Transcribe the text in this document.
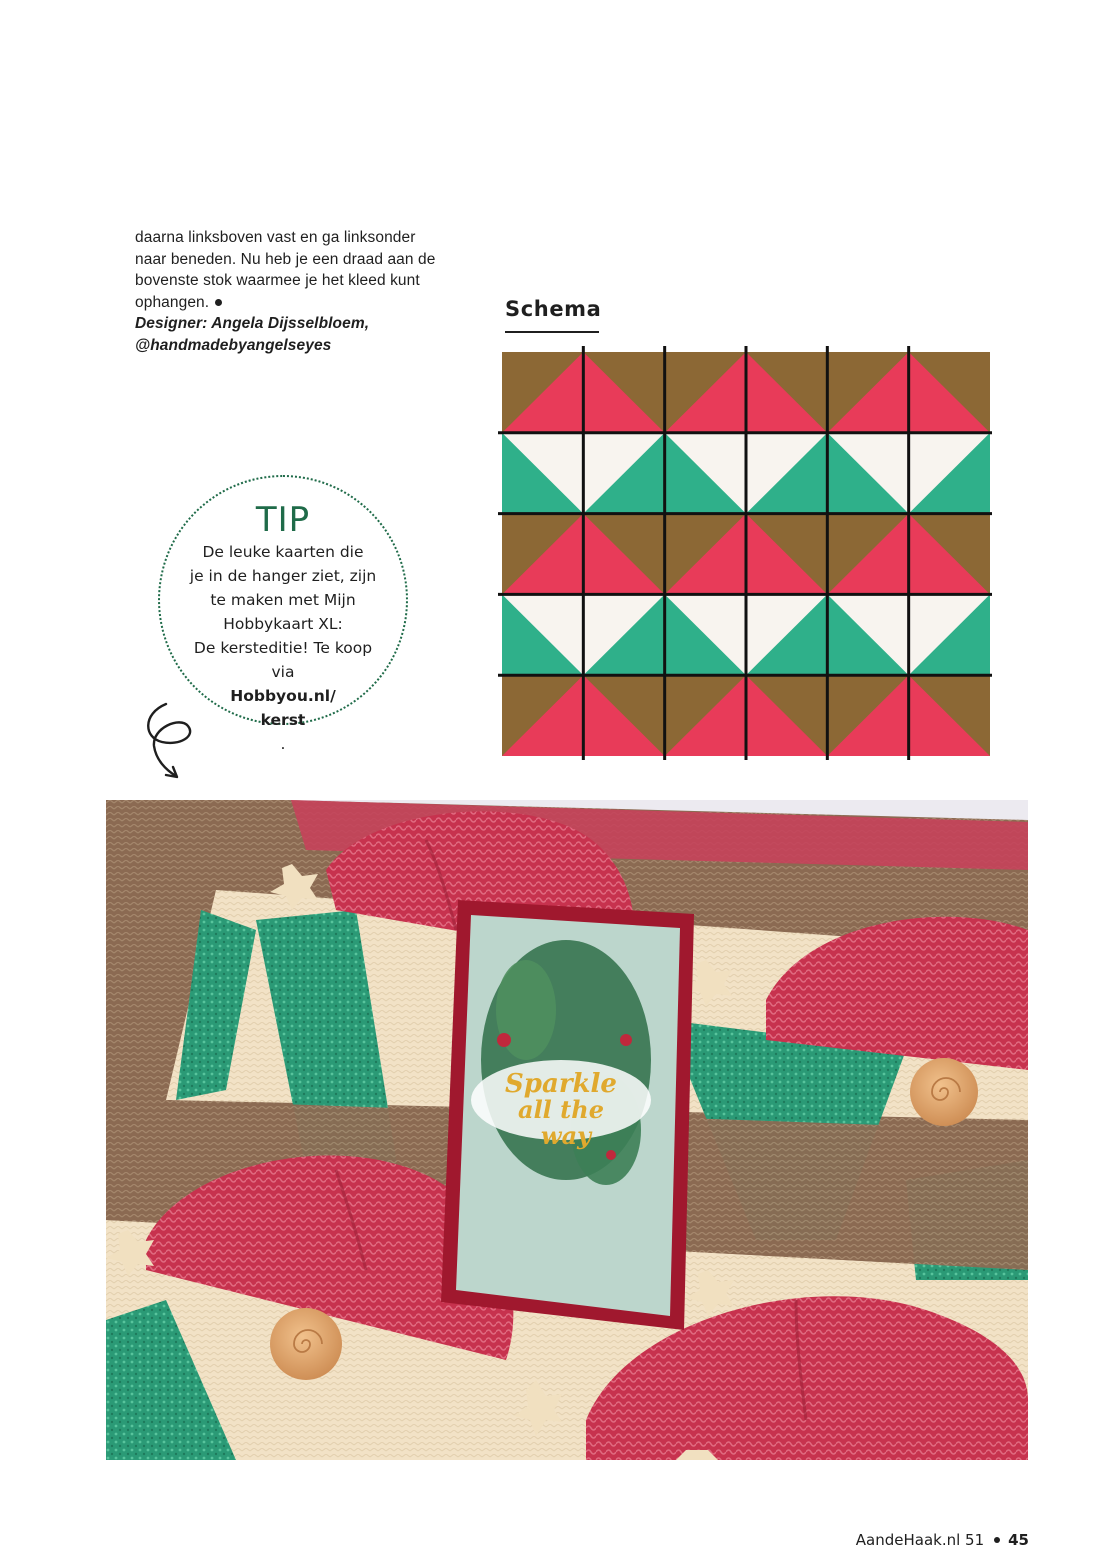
daarna linksboven vast en ga linksonder

naar beneden. Nu heb je een draad aan de

bovenste stok waarmee je het kleed kunt

ophangen.

Designer: Angela Dijsselbloem,

@handmadebyangelseyes

Schema
TIP
De leuke kaarten die
je in de hanger ziet, zijn
te maken met Mijn
Hobbykaart XL:
De kersteditie! Te koop
via
Hobbyou.nl/
kerst
.
Sparkle
all the
way
AandeHaak.nl 51 45
